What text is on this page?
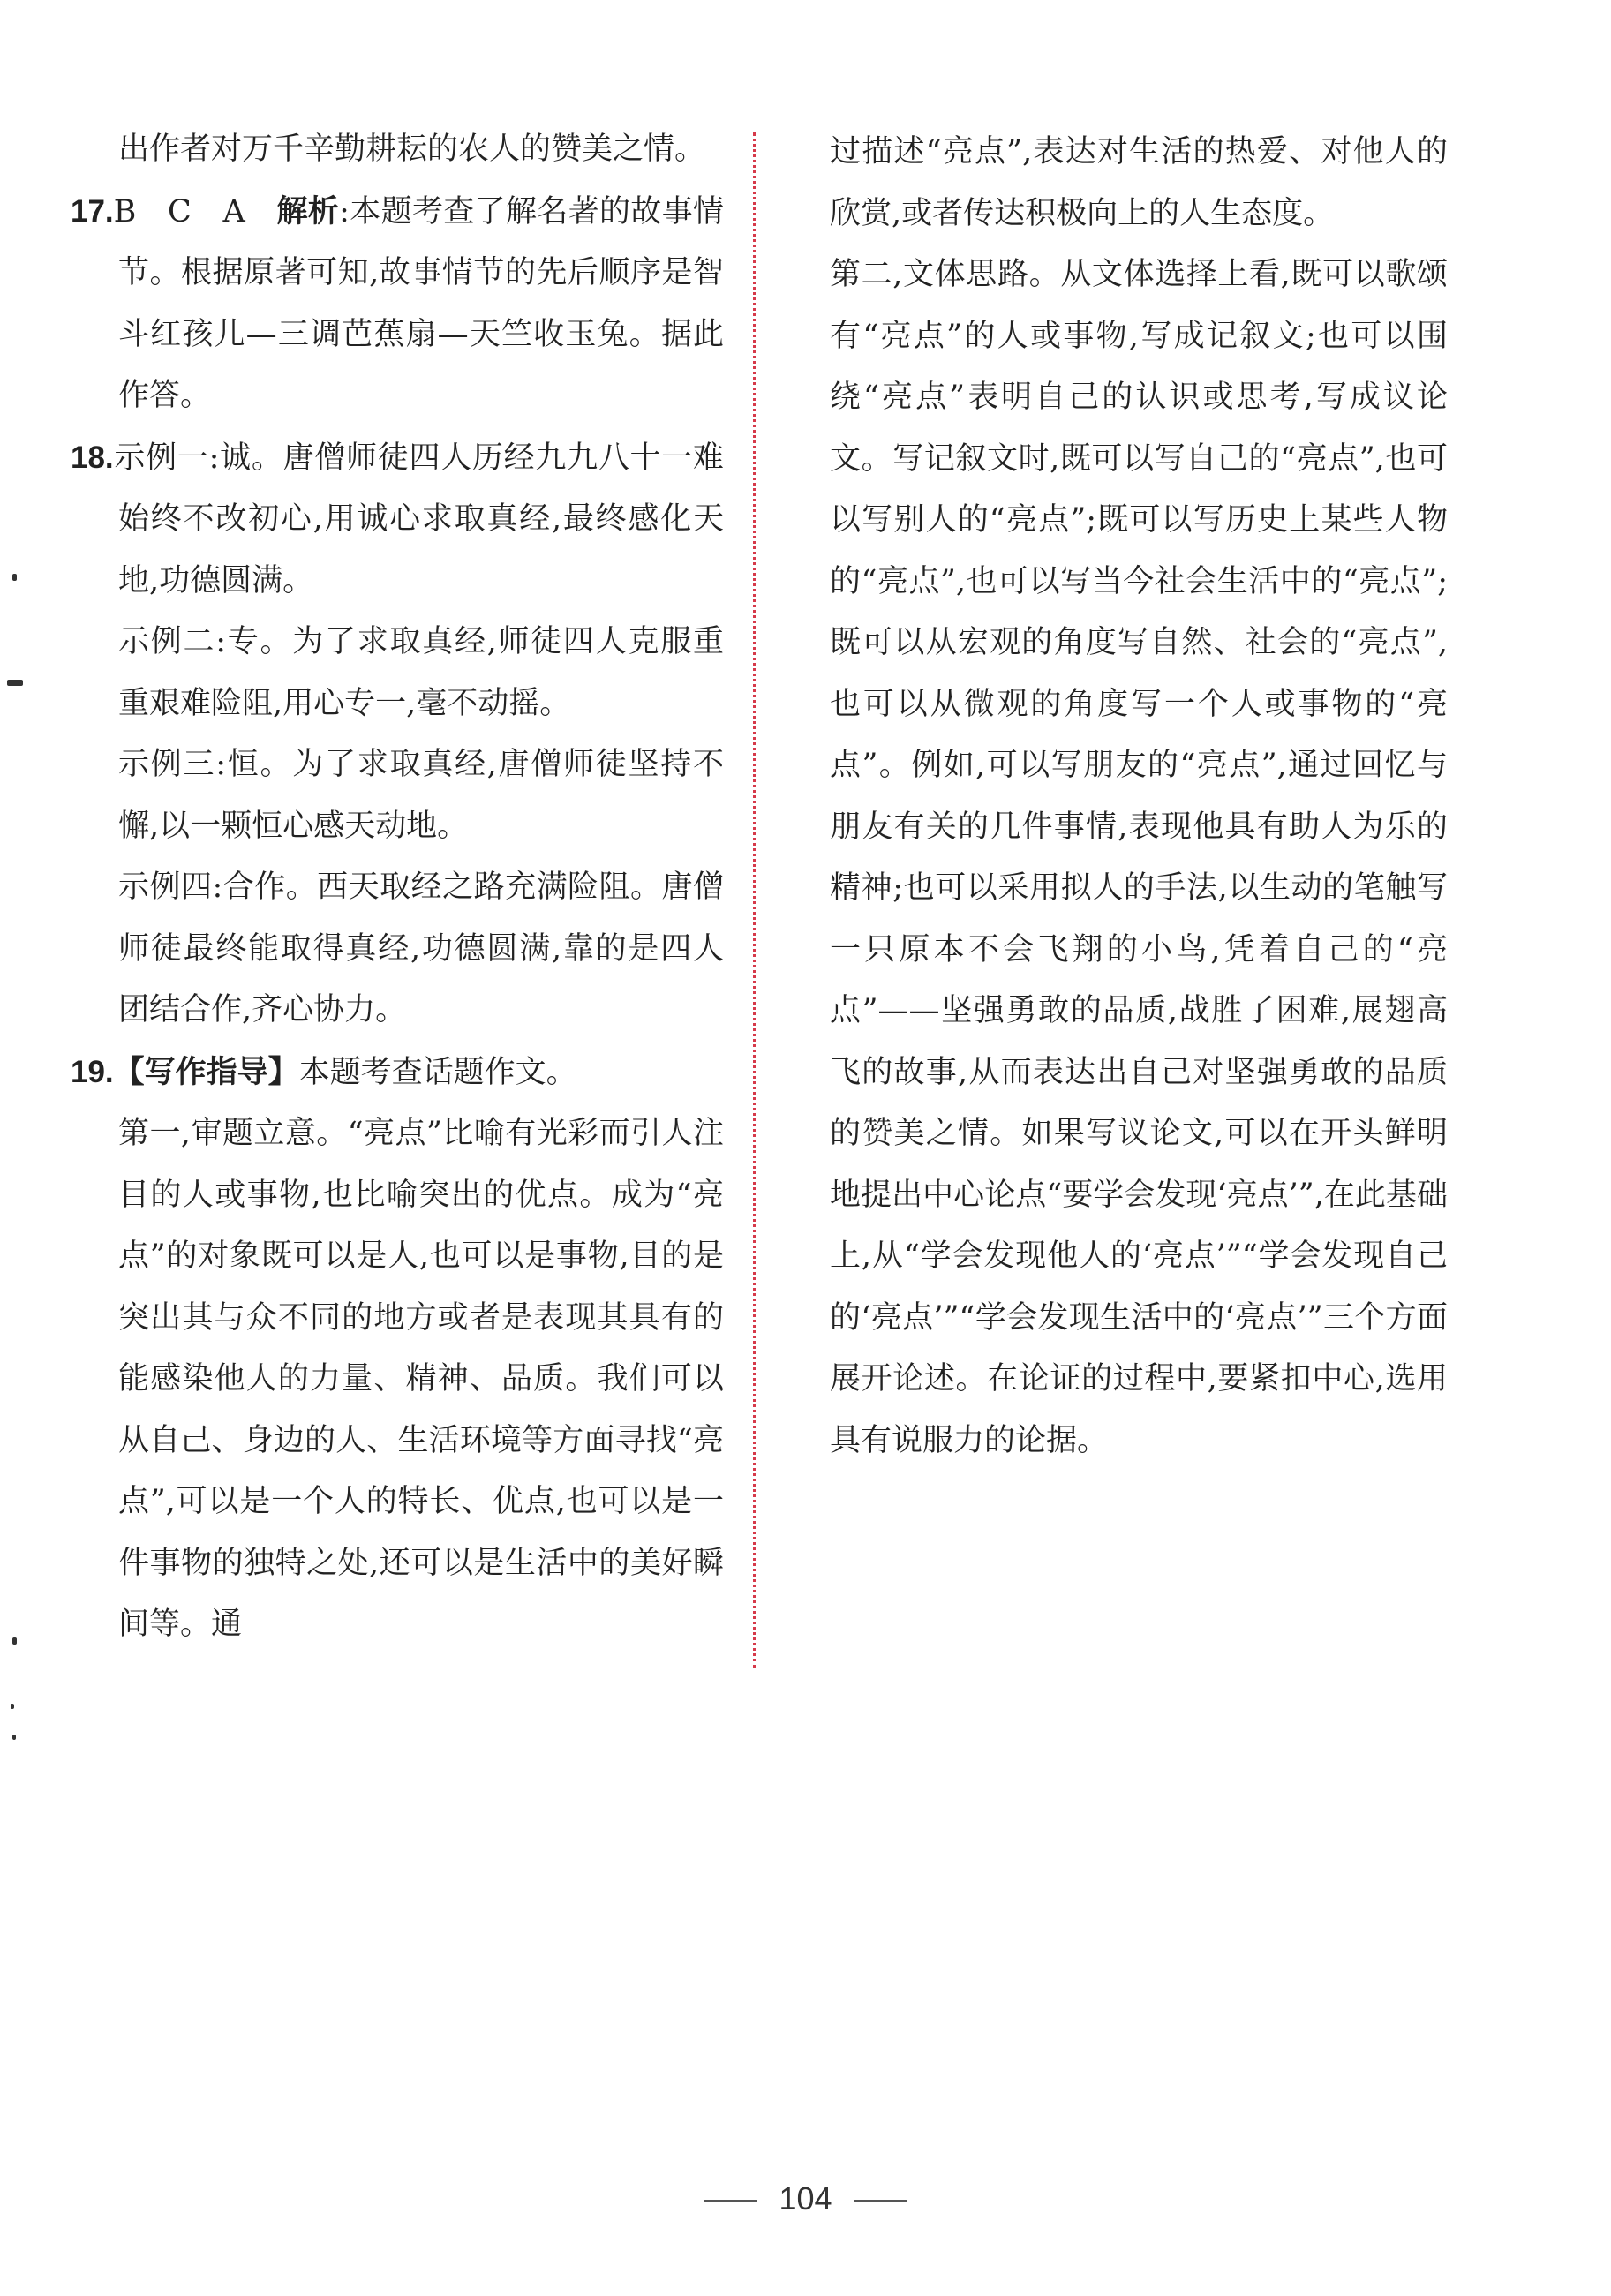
出作者对万千辛勤耕耘的农人的赞美之情。

17.B　C　A　解析:本题考查了解名著的故事情节。根据原著可知,故事情节的先后顺序是智斗红孩儿—三调芭蕉扇—天竺收玉兔。据此作答。

18.示例一:诚。唐僧师徒四人历经九九八十一难始终不改初心,用诚心求取真经,最终感化天地,功德圆满。

示例二:专。为了求取真经,师徒四人克服重重艰难险阻,用心专一,毫不动摇。

示例三:恒。为了求取真经,唐僧师徒坚持不懈,以一颗恒心感天动地。

示例四:合作。西天取经之路充满险阻。唐僧师徒最终能取得真经,功德圆满,靠的是四人团结合作,齐心协力。

19.【写作指导】本题考查话题作文。

第一,审题立意。“亮点”比喻有光彩而引人注目的人或事物,也比喻突出的优点。成为“亮点”的对象既可以是人,也可以是事物,目的是突出其与众不同的地方或者是表现其具有的能感染他人的力量、精神、品质。我们可以从自己、身边的人、生活环境等方面寻找“亮点”,可以是一个人的特长、优点,也可以是一件事物的独特之处,还可以是生活中的美好瞬间等。通

过描述“亮点”,表达对生活的热爱、对他人的欣赏,或者传达积极向上的人生态度。

第二,文体思路。从文体选择上看,既可以歌颂有“亮点”的人或事物,写成记叙文;也可以围绕“亮点”表明自己的认识或思考,写成议论文。写记叙文时,既可以写自己的“亮点”,也可以写别人的“亮点”;既可以写历史上某些人物的“亮点”,也可以写当今社会生活中的“亮点”;既可以从宏观的角度写自然、社会的“亮点”,也可以从微观的角度写一个人或事物的“亮点”。例如,可以写朋友的“亮点”,通过回忆与朋友有关的几件事情,表现他具有助人为乐的精神;也可以采用拟人的手法,以生动的笔触写一只原本不会飞翔的小鸟,凭着自己的“亮点”——坚强勇敢的品质,战胜了困难,展翅高飞的故事,从而表达出自己对坚强勇敢的品质的赞美之情。如果写议论文,可以在开头鲜明地提出中心论点“要学会发现‘亮点’”,在此基础上,从“学会发现他人的‘亮点’”“学会发现自己的‘亮点’”“学会发现生活中的‘亮点’”三个方面展开论述。在论证的过程中,要紧扣中心,选用具有说服力的论据。

104
